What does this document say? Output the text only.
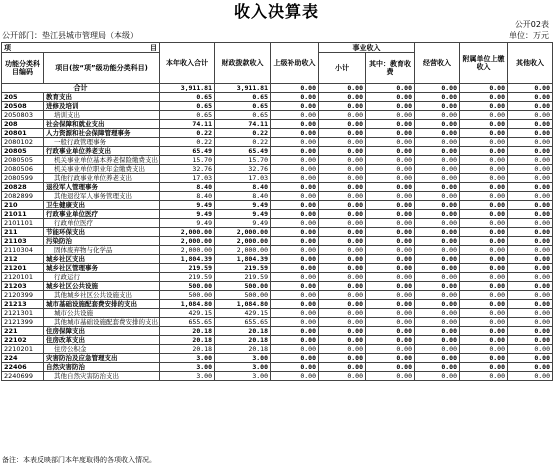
收入决算表
公开02表
公开部门：垫江县城市管理局（本级）	单位：万元
项 目		本年收入合计	财政拨款收入	上级补助收入	事业收入		经营收入	附属单位上缴收入	其他收入
功能分类科目编码	项目(按“项”级功能分类科目)				小计	其中：教育收费			

合计		3,911.81	3,911.81	0.00	0.00	0.00	0.00	0.00	0.00
205	教育支出	0.65	0.65	0.00	0.00	0.00	0.00	0.00	0.00
20508	进修及培训	0.65	0.65	0.00	0.00	0.00	0.00	0.00	0.00
2050803	培训支出	0.65	0.65	0.00	0.00	0.00	0.00	0.00	0.00
208	社会保障和就业支出	74.11	74.11	0.00	0.00	0.00	0.00	0.00	0.00
20801	人力资源和社会保障管理事务	0.22	0.22	0.00	0.00	0.00	0.00	0.00	0.00
2080102	一般行政管理事务	0.22	0.22	0.00	0.00	0.00	0.00	0.00	0.00
20805	行政事业单位养老支出	65.49	65.49	0.00	0.00	0.00	0.00	0.00	0.00
2080505	机关事业单位基本养老保险缴费支出	15.70	15.70	0.00	0.00	0.00	0.00	0.00	0.00
2080506	机关事业单位职业年金缴费支出	32.76	32.76	0.00	0.00	0.00	0.00	0.00	0.00
2080599	其他行政事业单位养老支出	17.03	17.03	0.00	0.00	0.00	0.00	0.00	0.00
20828	退役军人管理事务	8.40	8.40	0.00	0.00	0.00	0.00	0.00	0.00
2082899	其他退役军人事务管理支出	8.40	8.40	0.00	0.00	0.00	0.00	0.00	0.00
210	卫生健康支出	9.49	9.49	0.00	0.00	0.00	0.00	0.00	0.00
21011	行政事业单位医疗	9.49	9.49	0.00	0.00	0.00	0.00	0.00	0.00
2101101	行政单位医疗	9.49	9.49	0.00	0.00	0.00	0.00	0.00	0.00
211	节能环保支出	2,000.00	2,000.00	0.00	0.00	0.00	0.00	0.00	0.00
21103	污染防治	2,000.00	2,000.00	0.00	0.00	0.00	0.00	0.00	0.00
2110304	固体废弃物与化学品	2,000.00	2,000.00	0.00	0.00	0.00	0.00	0.00	0.00
212	城乡社区支出	1,804.39	1,804.39	0.00	0.00	0.00	0.00	0.00	0.00
21201	城乡社区管理事务	219.59	219.59	0.00	0.00	0.00	0.00	0.00	0.00
2120101	行政运行	219.59	219.59	0.00	0.00	0.00	0.00	0.00	0.00
21203	城乡社区公共设施	500.00	500.00	0.00	0.00	0.00	0.00	0.00	0.00
2120399	其他城乡社区公共设施支出	500.00	500.00	0.00	0.00	0.00	0.00	0.00	0.00
21213	城市基础设施配套费安排的支出	1,084.80	1,084.80	0.00	0.00	0.00	0.00	0.00	0.00
2121301	城市公共设施	429.15	429.15	0.00	0.00	0.00	0.00	0.00	0.00
2121399	其他城市基础设施配套费安排的支出	655.65	655.65	0.00	0.00	0.00	0.00	0.00	0.00
221	住房保障支出	20.18	20.18	0.00	0.00	0.00	0.00	0.00	0.00
22102	住房改革支出	20.18	20.18	0.00	0.00	0.00	0.00	0.00	0.00
2210201	住房公积金	20.18	20.18	0.00	0.00	0.00	0.00	0.00	0.00
224	灾害防治及应急管理支出	3.00	3.00	0.00	0.00	0.00	0.00	0.00	0.00
22406	自然灾害防治	3.00	3.00	0.00	0.00	0.00	0.00	0.00	0.00
2240699	其他自然灾害防治支出	3.00	3.00	0.00	0.00	0.00	0.00	0.00	0.00
备注：本表反映部门本年度取得的各项收入情况。
